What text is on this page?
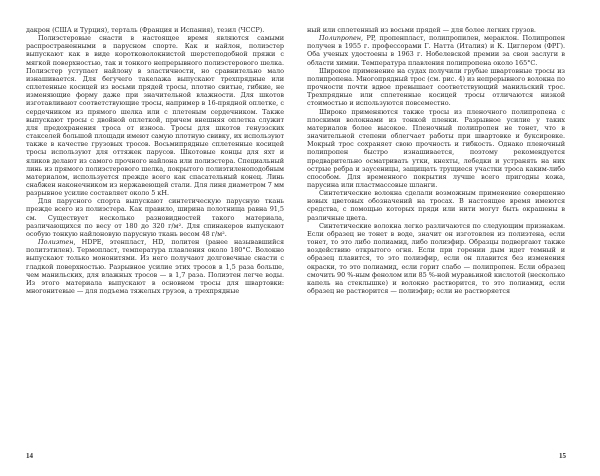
дакрон (США и Турция), терталь (Франция и Испания), тезил (ЧССР).

Полиэстеровые снасти в настоящее время являются самыми распространенными в парусном спорте. Как и найлон, полиэстер выпускают как в виде коротковолокнистой шерстеподобной пряжи с мягкой поверхностью, так и тонкого непрерывного полиэстерового шелка. Полиэстер уступает найлону в эластичности, но сравнительно мало изнашивается. Для бегучего такелажа выпускают трехпрядные или сплетенные косицей из восьми прядей тросы, плотно свитые, гибкие, не изменяющие форму даже при значительной влажности. Для шкотов изготавливают соответствующие тросы, например в 16-прядной оплетке, с сердечником из прямого шелка или с плетеным сердечником. Также выпускают тросы с двойной оплеткой, причем внешняя оплетка служит для предохранения троса от износа. Тросы для шкотов генуэзских стакселей большой площади имеют самую плотную свивку, их используют также в качестве грузовых тросов. Восьмипрядные сплетенные косицей тросы используют для оттяжек парусов. Шкотовые концы для яхт и яликов делают из самого прочного найлона или полиэстера. Специальный линь из прямого полиэстерового шелка, покрытого полиэтиленоподобным материалом, используется прежде всего как спасательный конец. Линь снабжен наконечником из нержавеющей стали. Для линя диаметром 7 мм разрывное усилие составляет около 5 кН.

Для парусного спорта выпускают синтетическую парусную ткань прежде всего из полиэстера. Как правило, ширина полотнища равна 91,5 см. Существует несколько разновидностей такого материала, различающихся по весу от 180 до 320 г/м². Для спинакеров выпускают особую тонкую найлоновую парусную ткань весом 48 г/м².

Полиэтен, HDPE, этенпласт, HD, политен (ранее называвшийся политэтилен). Термопласт, температура плавления около 180°С. Волокно выпускают только мононитями. Из него получают долговечные снасти с гладкой поверхностью. Разрывное усилие этих тросов в 1,5 раза больше, чем манильских, для влажных тросов — в 1,7 раза. Полиэтен легче воды. Из этого материала выпускают в основном тросы для швартовки: многонитевые — для подъема тяжелых грузов, а трехпрядные

ный или сплетенный из восьми прядей — для более легких грузов.

Полипропен, PP, пропенпласт, полипропилен, мераклон. Полипропен получен в 1955 г. профессорами Г. Натта (Италия) и К. Циглером (ФРГ). Оба ученых удостоены в 1963 г. Нобелевской премии за свои заслуги в области химии. Температура плавления полипропена около 165°С.

Широкое применение на судах получили грубые швартовные тросы из полипропена. Многопрядный трос (см. рис. 4) из непрерывного волокна по прочности почти вдвое превышает соответствующий манильский трос. Трехпрядные или сплетенные косицей тросы отличаются низкой стоимостью и используются повсеместно.

Широко применяются также тросы из пленочного полипропена с плоскими волокнами из тонкой пленки. Разрывное усилие у таких материалов более высокое. Пленочный полипропен не тонет, что в значительной степени облегчает работы при швартовке и буксировке. Мокрый трос сохраняет свою прочность и гибкость. Однако пленочный полипропен быстро изнашивается, поэтому рекомендуется предварительно осматривать утки, кнехты, лебедки и устранять на них острые ребра и заусеницы, защищать трущиеся участки троса каким-либо способом. Для временного покрытия лучше всего пригодны кожа, парусина или пластмассовые шланги.

Синтетические волокна сделали возможным применение совершенно новых цветовых обозначений на тросах. В настоящее время имеются средства, с помощью которых пряди или нити могут быть окрашены в различные цвета.

Синтетические волокна легко различаются по следующим признакам. Если образец не тонет в воде, значит он изготовлен из полиэтена, если тонет, то это либо полиамид, либо полиэфир. Образцы подвергают также воздействию открытого огня. Если при горении дым идет темный и образец плавится, то это полиэфир, если он плавится без изменения окраски, то это полиамид, если горит слабо — полипропен. Если образец смочить 90 %-ным фенолом или 85 %-ной муравьиной кислотой (несколько капель на стеклышке) и волокно растворится, то это полиамид, если образец не растворится — полиэфир; если не растворяется

14	15
